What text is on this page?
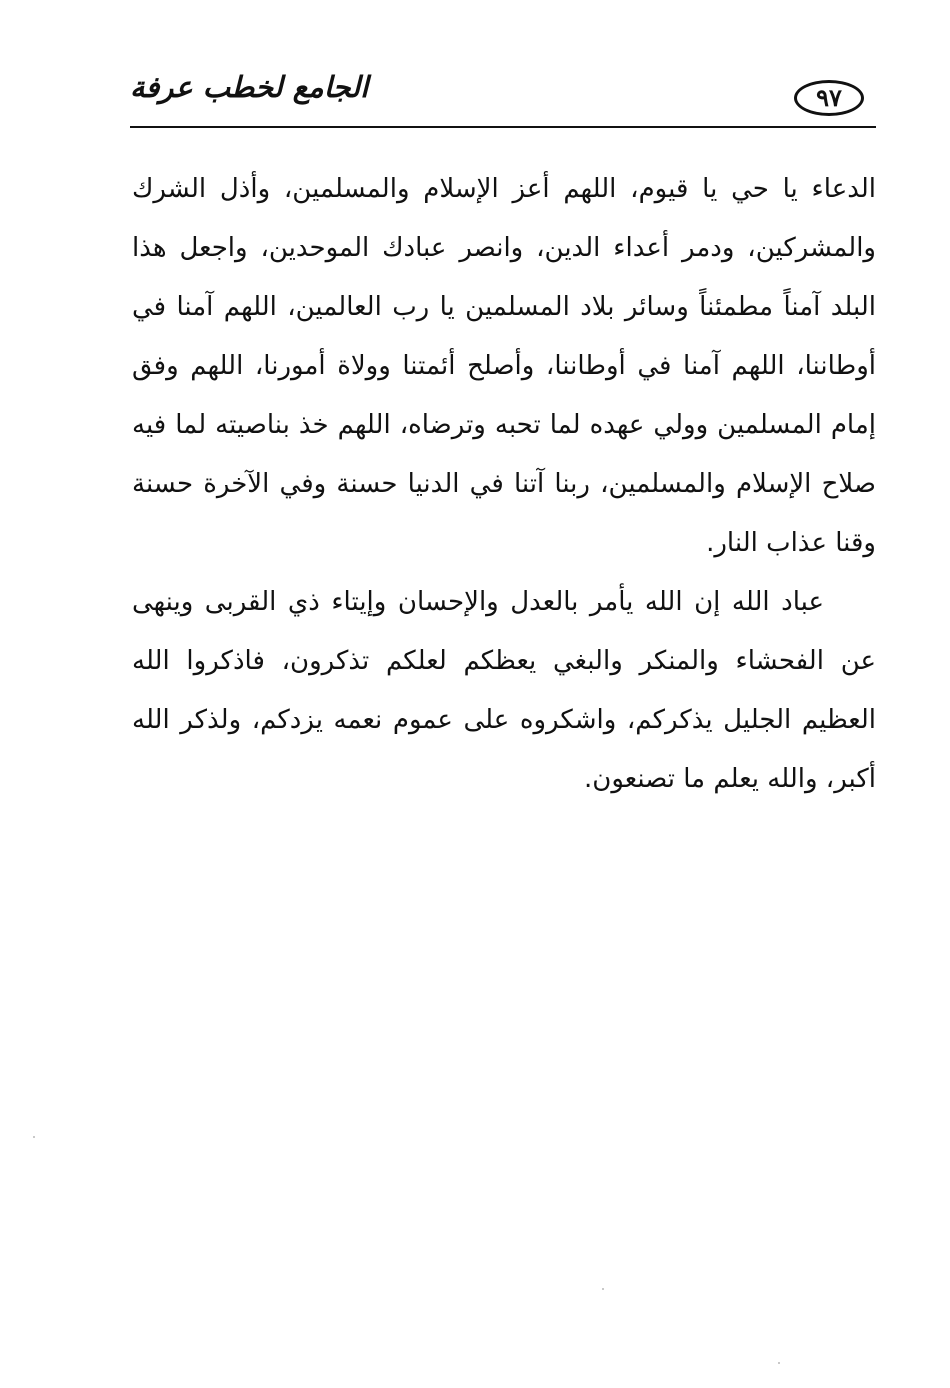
الجامع لخطب عرفة	٩٧

الدعاء يا حي يا قيوم، اللهم أعز الإسلام والمسلمين، وأذل الشرك والمشركين، ودمر أعداء الدين، وانصر عبادك الموحدين، واجعل هذا البلد آمناً مطمئناً وسائر بلاد المسلمين يا رب العالمين، اللهم آمنا في أوطاننا، اللهم آمنا في أوطاننا، وأصلح أئمتنا وولاة أمورنا، اللهم وفق إمام المسلمين وولي عهده لما تحبه وترضاه، اللهم خذ بناصيته لما فيه صلاح الإسلام والمسلمين، ربنا آتنا في الدنيا حسنة وفي الآخرة حسنة وقنا عذاب النار.

عباد الله إن الله يأمر بالعدل والإحسان وإيتاء ذي القربى وينهى عن الفحشاء والمنكر والبغي يعظكم لعلكم تذكرون، فاذكروا الله العظيم الجليل يذكركم، واشكروه على عموم نعمه يزدكم، ولذكر الله أكبر، والله يعلم ما تصنعون.
